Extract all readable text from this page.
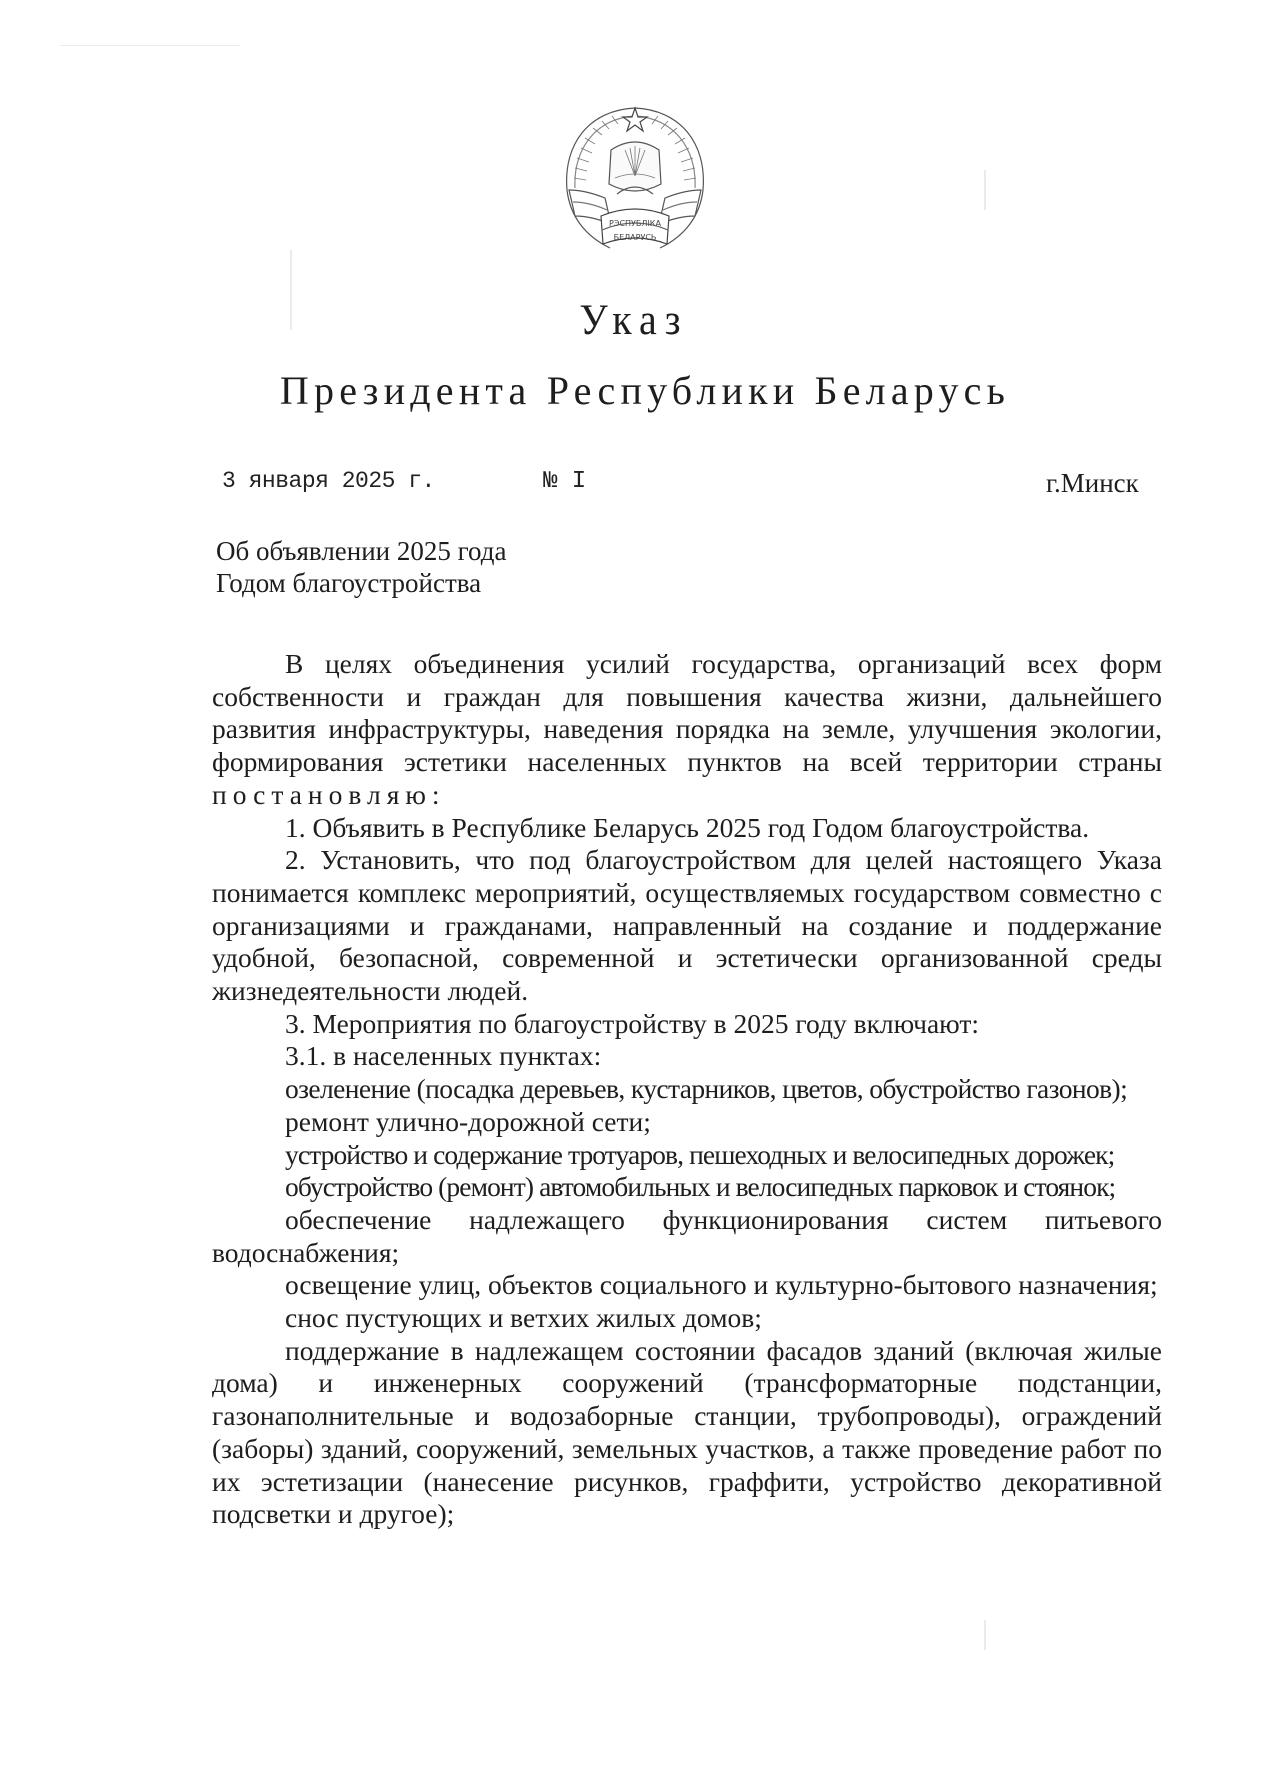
РЭСПУБЛIКА
БЕЛАРУСЬ
Указ
Президента Республики Беларусь
3 января 2025 г.	№ I	г.Минск
Об объявлении 2025 года
Годом благоустройства

В целях объединения усилий государства, организаций всех форм собственности и граждан для повышения качества жизни, дальнейшего развития инфраструктуры, наведения порядка на земле, улучшения экологии, формирования эстетики населенных пунктов на всей территории страны постановляю:

1. Объявить в Республике Беларусь 2025 год Годом благоустройства.

2. Установить, что под благоустройством для целей настоящего Указа понимается комплекс мероприятий, осуществляемых государством совместно с организациями и гражданами, направленный на создание и поддержание удобной, безопасной, современной и эстетически организованной среды жизнедеятельности людей.

3. Мероприятия по благоустройству в 2025 году включают:

3.1. в населенных пунктах:

озеленение (посадка деревьев, кустарников, цветов, обустройство газонов);

ремонт улично-дорожной сети;

устройство и содержание тротуаров, пешеходных и велосипедных дорожек;

обустройство (ремонт) автомобильных и велосипедных парковок и стоянок;

обеспечение надлежащего функционирования систем питьевого водоснабжения;

освещение улиц, объектов социального и культурно-бытового назначения;

снос пустующих и ветхих жилых домов;

поддержание в надлежащем состоянии фасадов зданий (включая жилые дома) и инженерных сооружений (трансформаторные подстанции, газонаполнительные и водозаборные станции, трубопроводы), ограждений (заборы) зданий, сооружений, земельных участков, а также проведение работ по их эстетизации (нанесение рисунков, граффити, устройство декоративной подсветки и другое);
